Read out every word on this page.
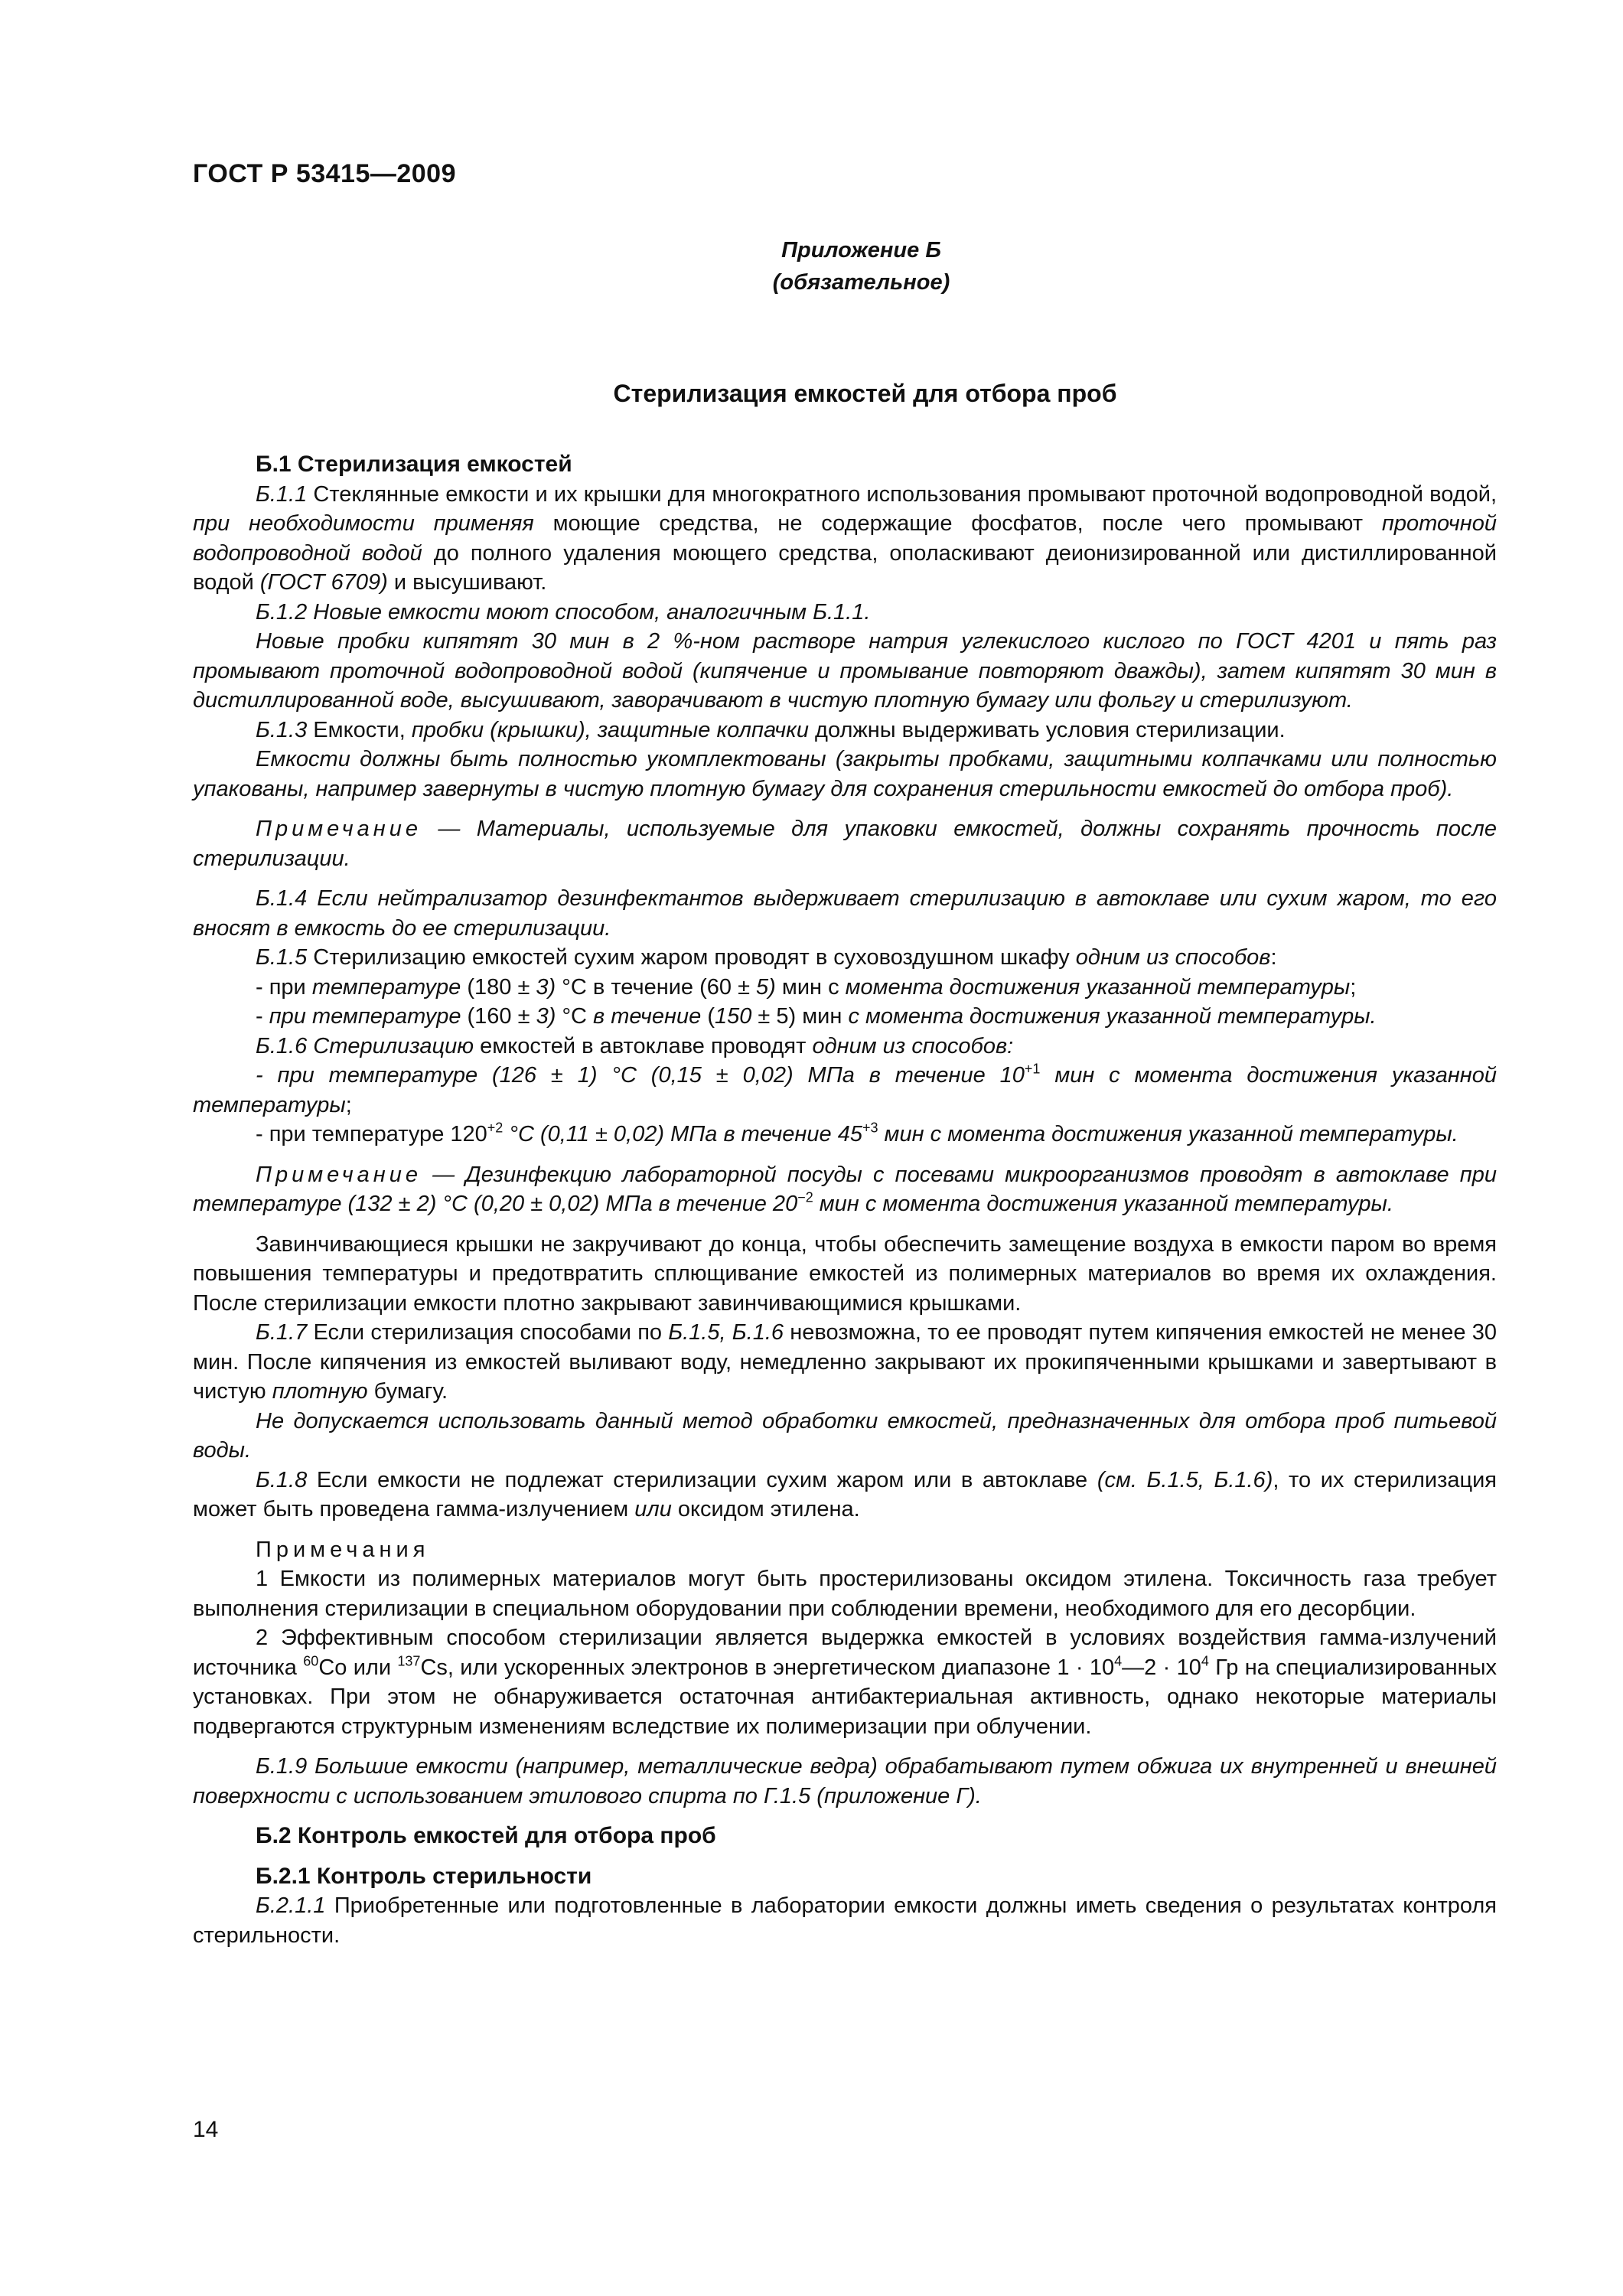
ГОСТ Р 53415—2009
Приложение Б
(обязательное)
Стерилизация емкостей для отбора проб

Б.1 Стерилизация емкостей

Б.1.1 Стеклянные емкости и их крышки для многократного использования промывают проточной водопроводной водой, при необходимости применяя моющие средства, не содержащие фосфатов, после чего промывают проточной водопроводной водой до полного удаления моющего средства, ополаскивают деионизированной или дистиллированной водой (ГОСТ 6709) и высушивают.

Б.1.2 Новые емкости моют способом, аналогичным Б.1.1.

Новые пробки кипятят 30 мин в 2 %-ном растворе натрия углекислого кислого по ГОСТ 4201 и пять раз промывают проточной водопроводной водой (кипячение и промывание повторяют дважды), затем кипятят 30 мин в дистиллированной воде, высушивают, заворачивают в чистую плотную бумагу или фольгу и стерилизуют.

Б.1.3 Емкости, пробки (крышки), защитные колпачки должны выдерживать условия стерилизации.

Емкости должны быть полностью укомплектованы (закрыты пробками, защитными колпачками или полностью упакованы, например завернуты в чистую плотную бумагу для сохранения стерильности емкостей до отбора проб).

Примечание — Материалы, используемые для упаковки емкостей, должны сохранять прочность после стерилизации.

Б.1.4 Если нейтрализатор дезинфектантов выдерживает стерилизацию в автоклаве или сухим жаром, то его вносят в емкость до ее стерилизации.

Б.1.5 Стерилизацию емкостей сухим жаром проводят в суховоздушном шкафу одним из способов:

- при температуре (180 ± 3) °С в течение (60 ± 5) мин с момента достижения указанной температуры;

- при температуре (160 ± 3) °С в течение (150 ± 5) мин с момента достижения указанной температуры.

Б.1.6 Стерилизацию емкостей в автоклаве проводят одним из способов:

- при температуре (126 ± 1) °С (0,15 ± 0,02) МПа в течение $10^{+1}$ мин с момента достижения указанной температуры;

- при температуре $120^{+2}$ °С (0,11 ± 0,02) МПа в течение $45^{+3}$ мин с момента достижения указанной температуры.

Примечание — Дезинфекцию лабораторной посуды с посевами микроорганизмов проводят в автоклаве при температуре (132 ± 2) °С (0,20 ± 0,02) МПа в течение $20^{-2}$ мин с момента достижения указанной температуры.

Завинчивающиеся крышки не закручивают до конца, чтобы обеспечить замещение воздуха в емкости паром во время повышения температуры и предотвратить сплющивание емкостей из полимерных материалов во время их охлаждения. После стерилизации емкости плотно закрывают завинчивающимися крышками.

Б.1.7 Если стерилизация способами по Б.1.5, Б.1.6 невозможна, то ее проводят путем кипячения емкостей не менее 30 мин. После кипячения из емкостей выливают воду, немедленно закрывают их прокипяченными крышками и завертывают в чистую плотную бумагу.

Не допускается использовать данный метод обработки емкостей, предназначенных для отбора проб питьевой воды.

Б.1.8 Если емкости не подлежат стерилизации сухим жаром или в автоклаве (см. Б.1.5, Б.1.6), то их стерилизация может быть проведена гамма-излучением или оксидом этилена.

Примечания

1 Емкости из полимерных материалов могут быть простерилизованы оксидом этилена. Токсичность газа требует выполнения стерилизации в специальном оборудовании при соблюдении времени, необходимого для его десорбции.

2 Эффективным способом стерилизации является выдержка емкостей в условиях воздействия гамма-излучений источника $^{60}$Со или $^{137}$Cs, или ускоренных электронов в энергетическом диапазоне $1 \cdot 10^4—2 \cdot 10^4$ Гр на специализированных установках. При этом не обнаруживается остаточная антибактериальная активность, однако некоторые материалы подвергаются структурным изменениям вследствие их полимеризации при облучении.

Б.1.9 Большие емкости (например, металлические ведра) обрабатывают путем обжига их внутренней и внешней поверхности с использованием этилового спирта по Г.1.5 (приложение Г).

Б.2 Контроль емкостей для отбора проб

Б.2.1 Контроль стерильности

Б.2.1.1 Приобретенные или подготовленные в лаборатории емкости должны иметь сведения о результатах контроля стерильности.

14
